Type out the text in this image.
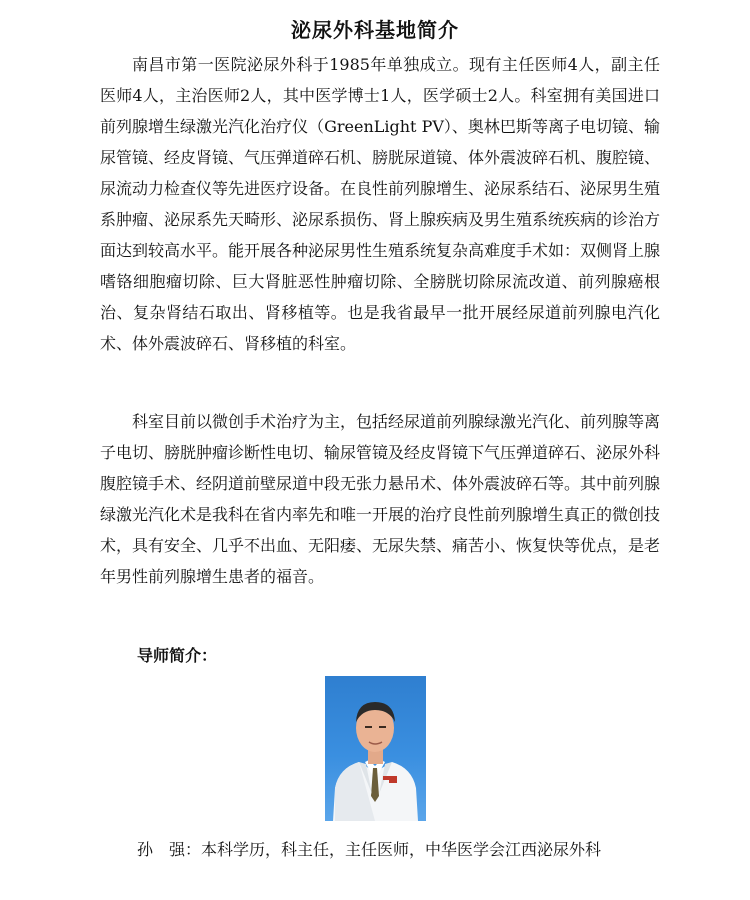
泌尿外科基地简介

南昌市第一医院泌尿外科于1985年单独成立。现有主任医师4人，副主任医师4人，主治医师2人，其中医学博士1人，医学硕士2人。科室拥有美国进口前列腺增生绿激光汽化治疗仪（GreenLight PV）、奥林巴斯等离子电切镜、输尿管镜、经皮肾镜、气压弹道碎石机、膀胱尿道镜、体外震波碎石机、腹腔镜、尿流动力检查仪等先进医疗设备。在良性前列腺增生、泌尿系结石、泌尿男生殖系肿瘤、泌尿系先天畸形、泌尿系损伤、肾上腺疾病及男生殖系统疾病的诊治方面达到较高水平。能开展各种泌尿男性生殖系统复杂高难度手术如：双侧肾上腺嗜铬细胞瘤切除、巨大肾脏恶性肿瘤切除、全膀胱切除尿流改道、前列腺癌根治、复杂肾结石取出、肾移植等。也是我省最早一批开展经尿道前列腺电汽化术、体外震波碎石、肾移植的科室。

科室目前以微创手术治疗为主，包括经尿道前列腺绿激光汽化、前列腺等离子电切、膀胱肿瘤诊断性电切、输尿管镜及经皮肾镜下气压弹道碎石、泌尿外科腹腔镜手术、经阴道前壁尿道中段无张力悬吊术、体外震波碎石等。其中前列腺绿激光汽化术是我科在省内率先和唯一开展的治疗良性前列腺增生真正的微创技术，具有安全、几乎不出血、无阳痿、无尿失禁、痛苦小、恢复快等优点，是老年男性前列腺增生患者的福音。

导师简介：
孙　强：本科学历，科主任，主任医师，中华医学会江西泌尿外科
